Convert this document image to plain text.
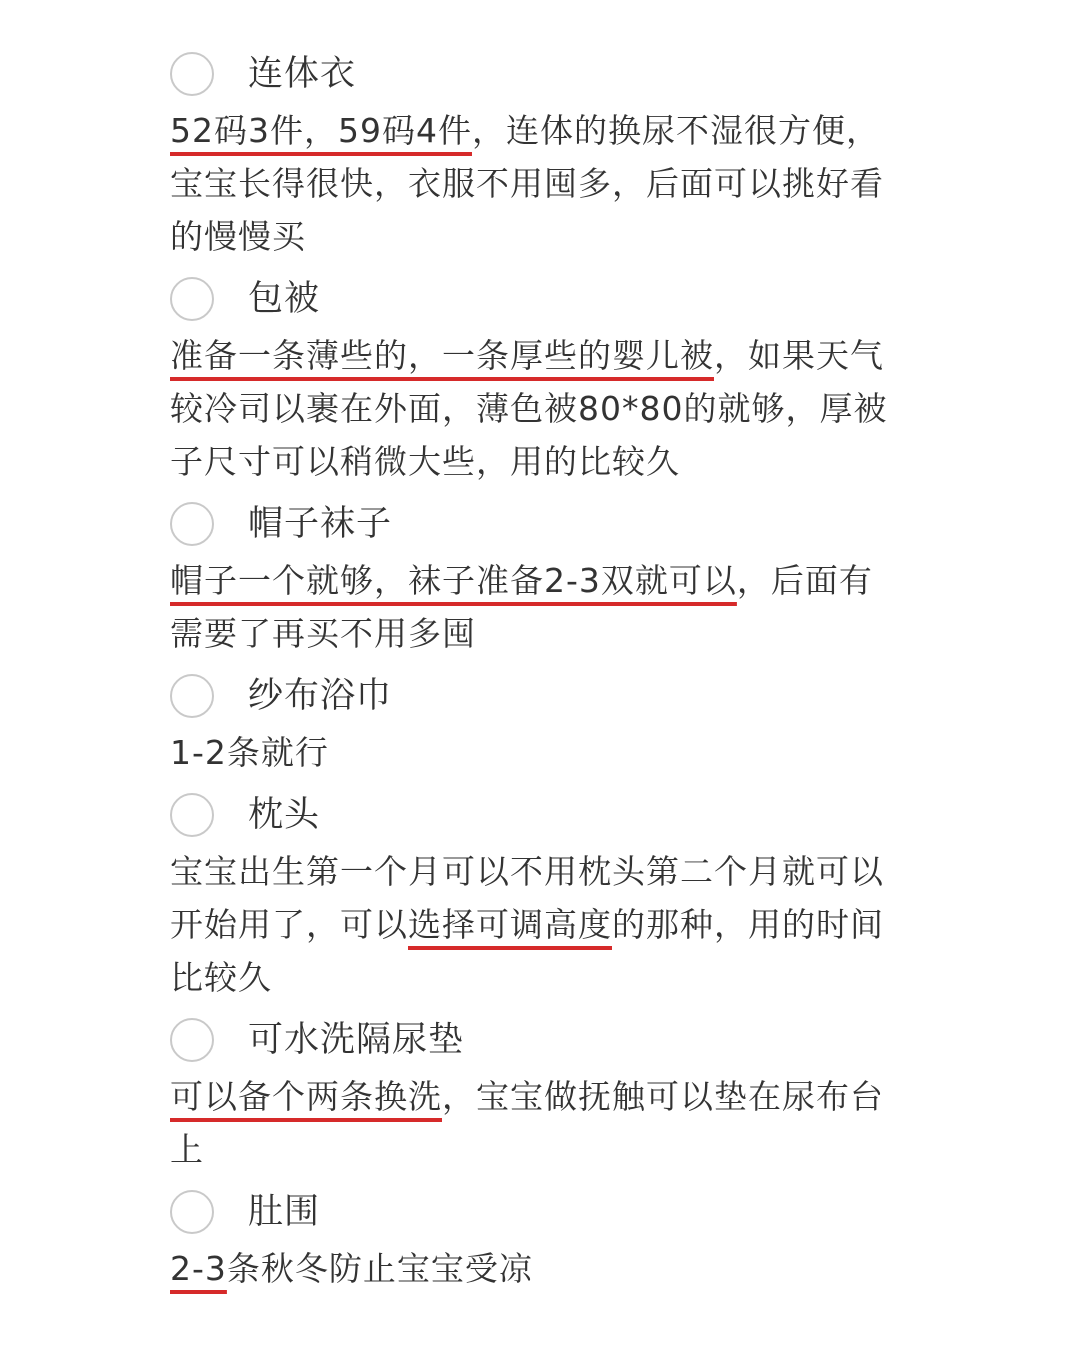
连体衣
52码3件，59码4件，连体的换尿不湿很方便，宝宝长得很快，衣服不用囤多，后面可以挑好看的慢慢买
包被
准备一条薄些的，一条厚些的婴儿被，如果天气较冷司以裹在外面，薄色被80*80的就够，厚被子尺寸可以稍微大些，用的比较久
帽子袜子
帽子一个就够，袜子准备2-3双就可以，后面有需要了再买不用多囤
纱布浴巾
1-2条就行
枕头
宝宝出生第一个月可以不用枕头第二个月就可以开始用了，可以选择可调高度的那种，用的时间比较久
可水洗隔尿垫
可以备个两条换洗，宝宝做抚触可以垫在尿布台上
肚围
2-3条秋冬防止宝宝受凉
